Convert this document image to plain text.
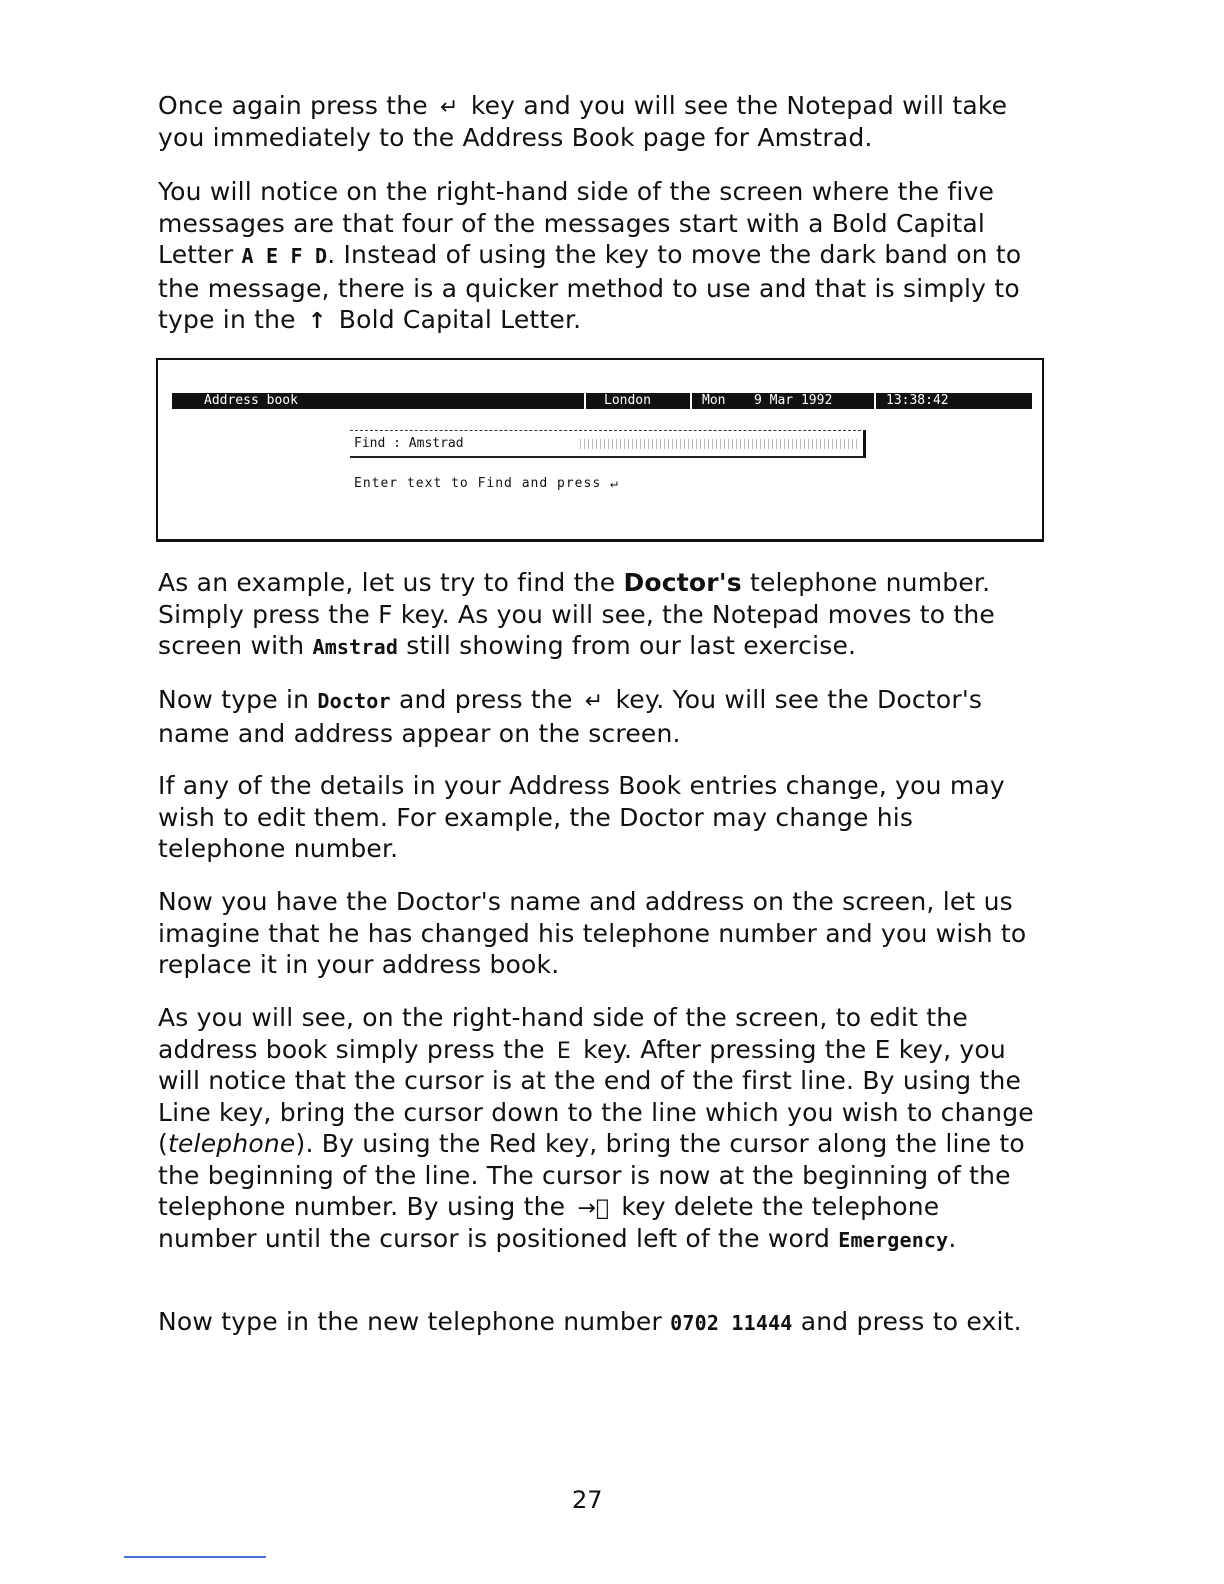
Once again press the ↵ key and you will see the Notepad will take you immediately to the Address Book page for Amstrad.

You will notice on the right-hand side of the screen where the five messages are that four of the messages start with a Bold Capital Letter A E F D. Instead of using the key to move the dark band on to the message, there is a quicker method to use and that is simply to type in the ↑ Bold Capital Letter.

Address book	London	Mon 9 Mar 1992	13:38:42
Find : Amstrad
Enter text to Find and press ↵

As an example, let us try to find the Doctor's telephone number. Simply press the F key. As you will see, the Notepad moves to the screen with Amstrad still showing from our last exercise.

Now type in Doctor and press the ↵ key. You will see the Doctor's name and address appear on the screen.

If any of the details in your Address Book entries change, you may wish to edit them. For example, the Doctor may change his telephone number.

Now you have the Doctor's name and address on the screen, let us imagine that he has changed his telephone number and you wish to replace it in your address book.

As you will see, on the right-hand side of the screen, to edit the address book simply press the E key. After pressing the E key, you will notice that the cursor is at the end of the first line. By using the Line key, bring the cursor down to the line which you wish to change (telephone). By using the Red key, bring the cursor along the line to the beginning of the line. The cursor is now at the beginning of the telephone number. By using the →⃒ key delete the telephone number until the cursor is positioned left of the word Emergency.

Now type in the new telephone number 0702 11444 and press to exit.

27
